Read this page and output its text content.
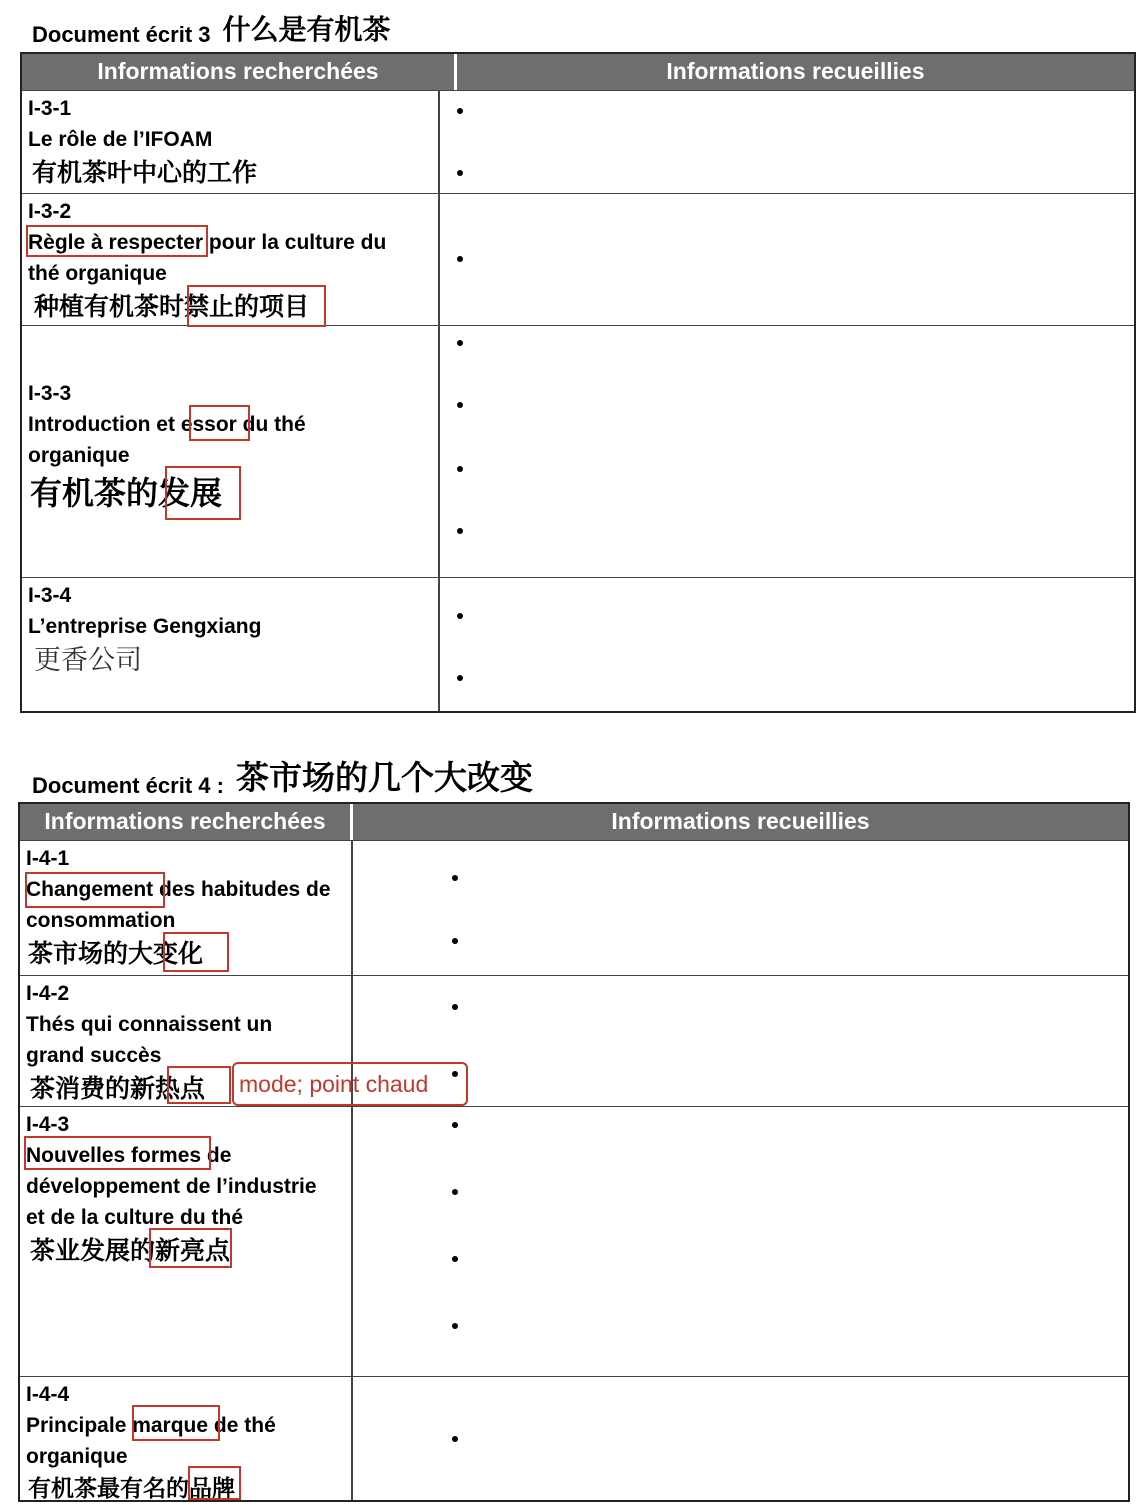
Document écrit 3 什么是有机茶
Informations recherchées	Informations recueillies
I-3-1
Le rôle de l’IFOAM
有机茶叶中心的工作
I-3-2
Règle à respecter pour la culture du
thé organique
种植有机茶时禁止的项目
I-3-3
Introduction et essor du thé
organique
有机茶的发展
I-3-4
L’entreprise Gengxiang
更香公司
Document écrit 4 : 茶市场的几个大改变
Informations recherchées	Informations recueillies
I-4-1
Changement des habitudes de
consommation
茶市场的大变化
I-4-2
Thés qui connaissent un
grand succès
茶消费的新热点
I-4-3
Nouvelles formes de
développement de l’industrie
et de la culture du thé
茶业发展的新亮点
I-4-4
Principale marque de thé
organique
有机茶最有名的品牌
mode; point chaud
